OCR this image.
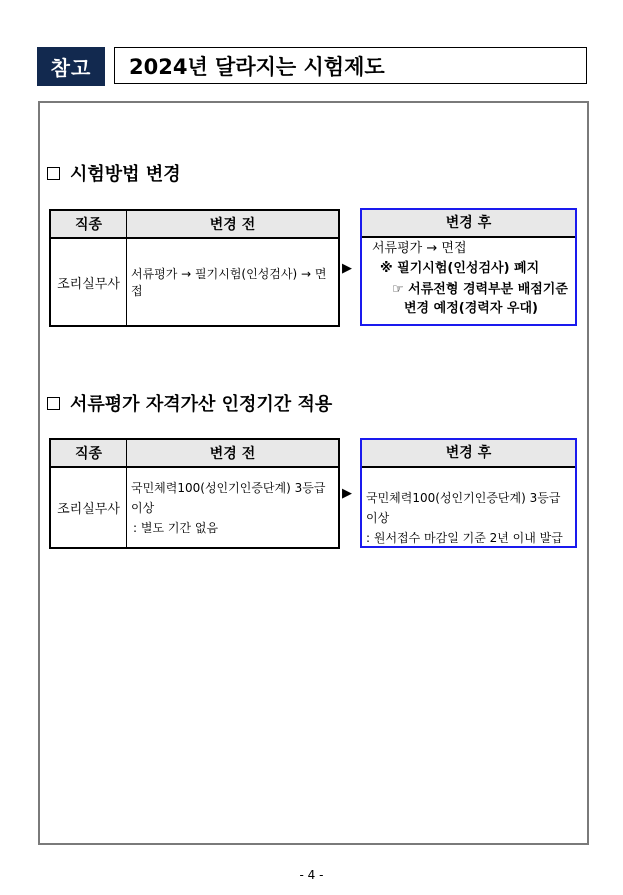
참고	2024년 달라지는 시험제도
시험방법 변경
직종	변경 전
조리실무사	서류평가 → 필기시험(인성검사) → 면접
▶
변경 후
서류평가 → 면접
※ 필기시험(인성검사) 폐지
☞ 서류전형 경력부분 배점기준
변경 예정(경력자 우대)
서류평가 자격가산 인정기간 적용
직종	변경 전
조리실무사	국민체력100(성인기인증단계) 3등급 이상
: 별도 기간 없음
▶
변경 후
국민체력100(성인기인증단계) 3등급 이상
: 원서접수 마감일 기준 2년 이내 발급
- 4 -
